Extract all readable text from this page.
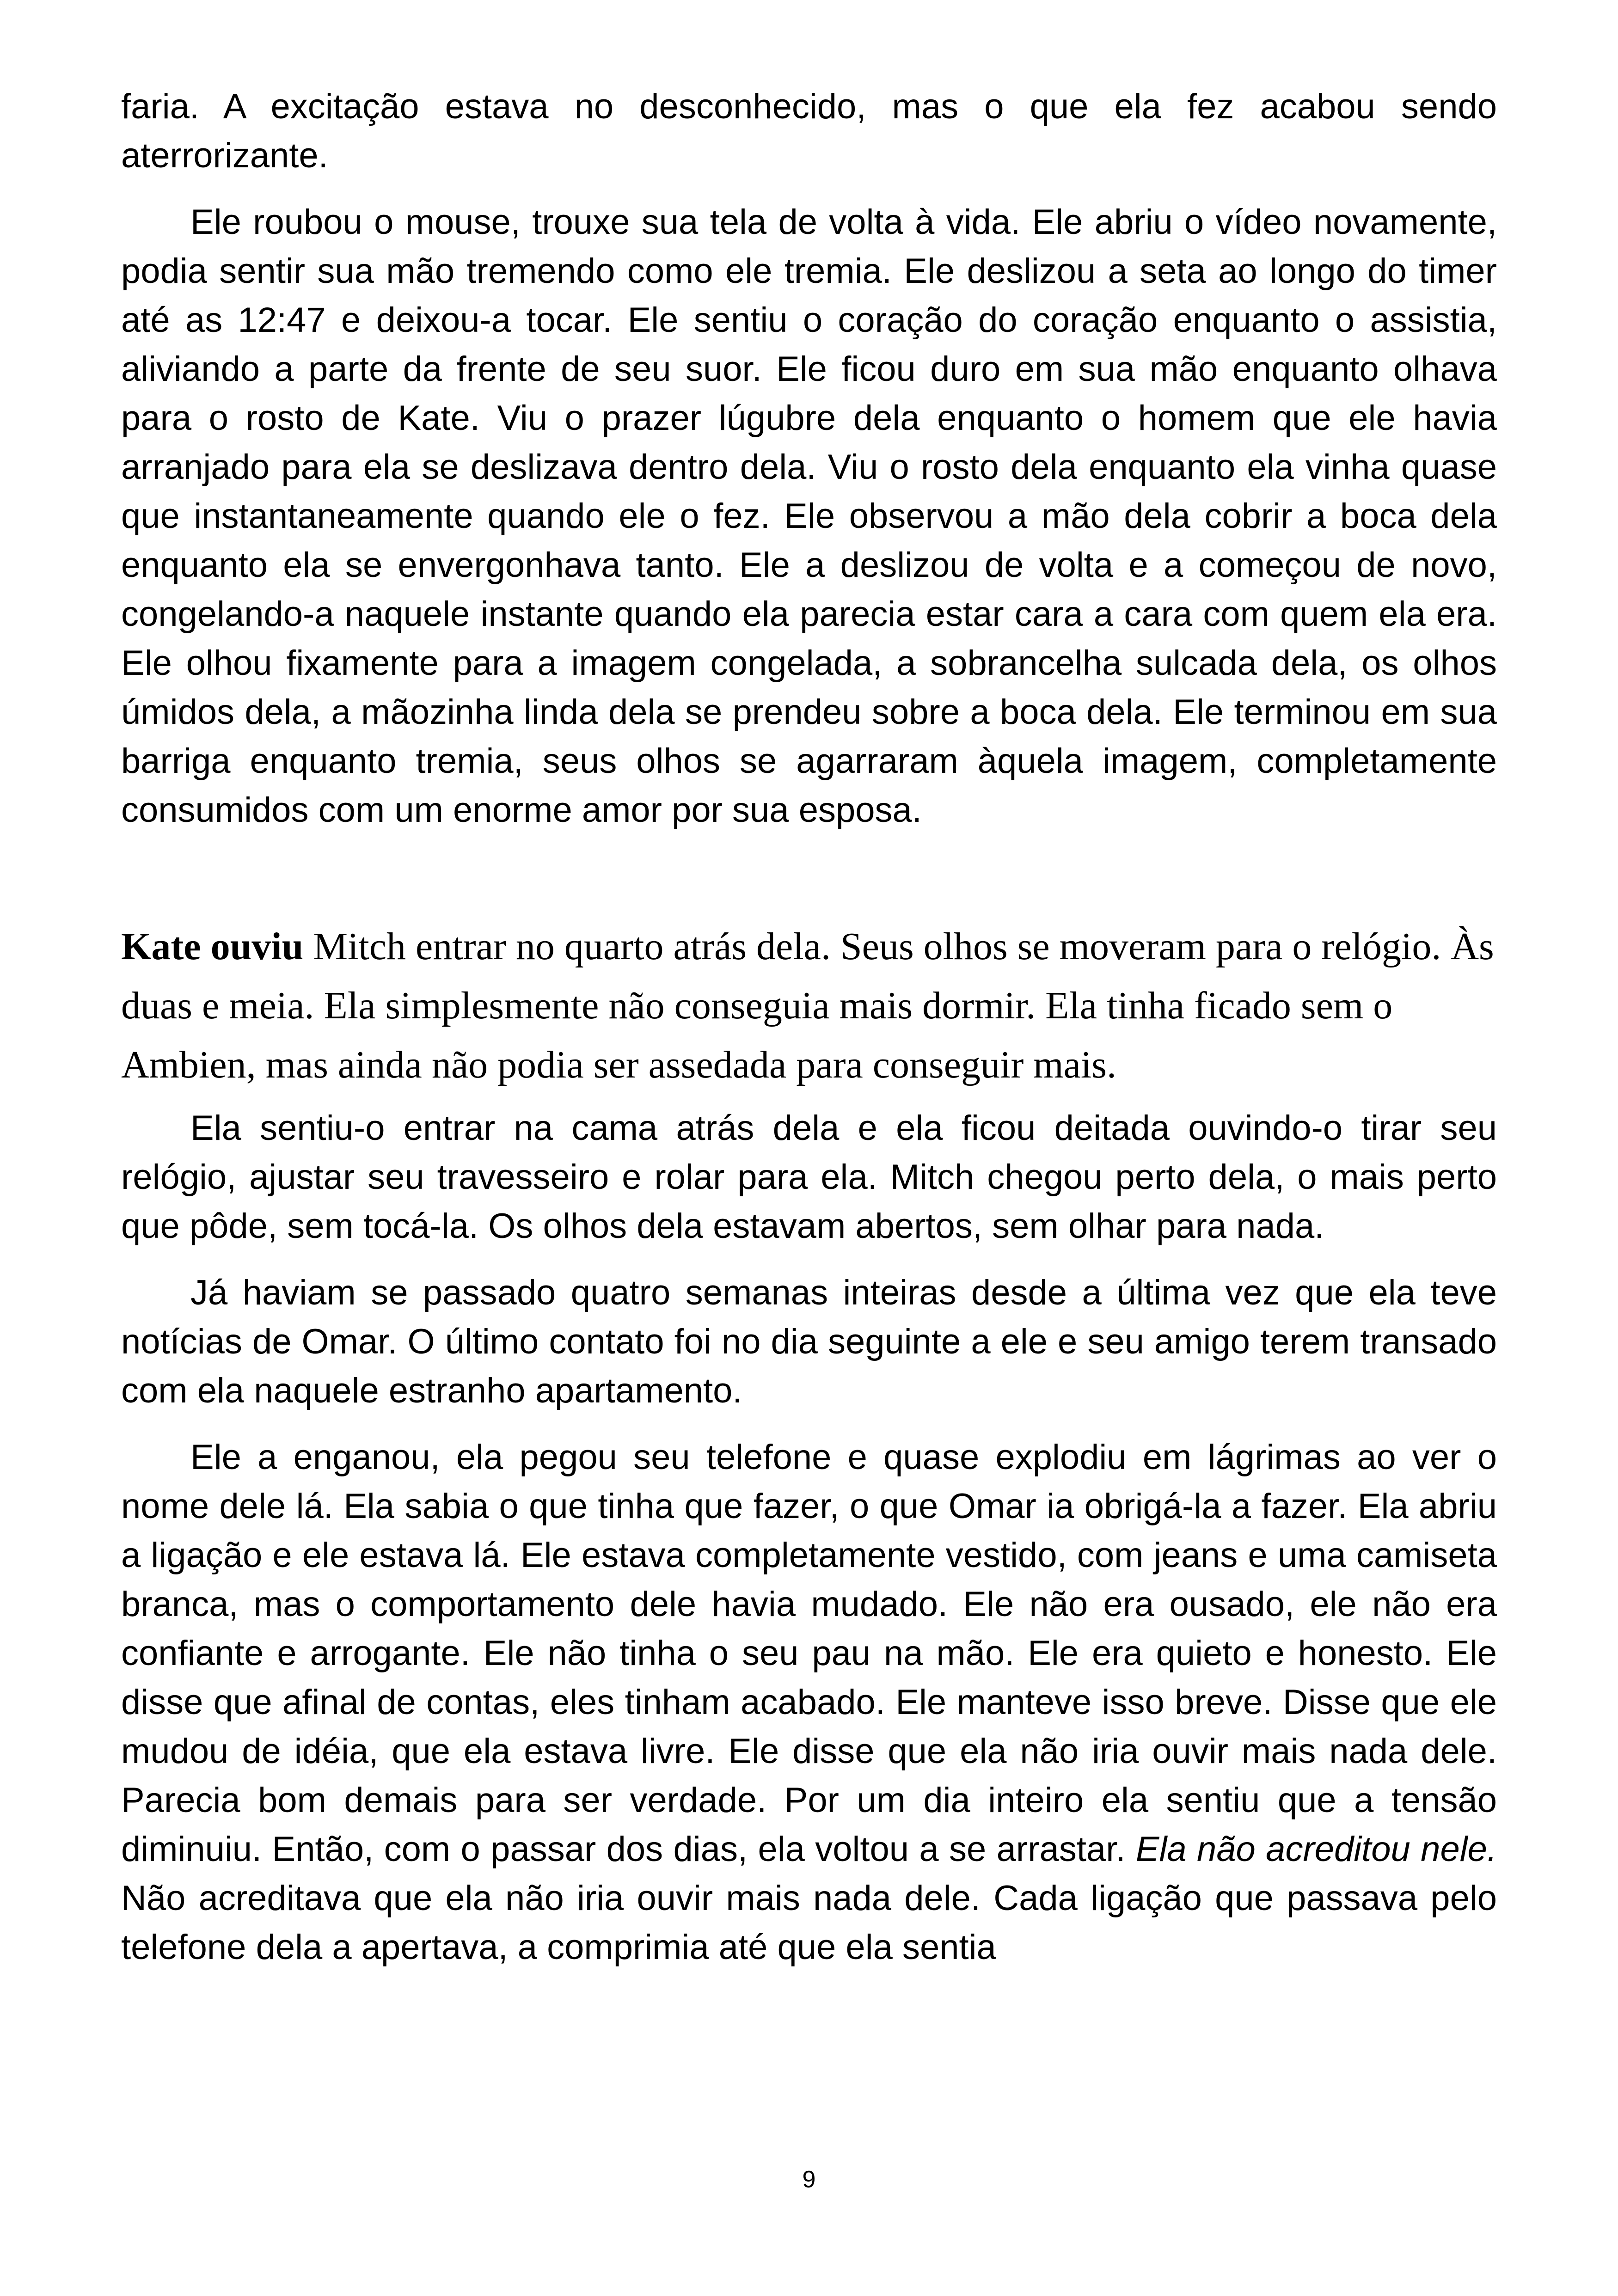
faria. A excitação estava no desconhecido, mas o que ela fez acabou sendo aterrorizante.

Ele roubou o mouse, trouxe sua tela de volta à vida. Ele abriu o vídeo novamente, podia sentir sua mão tremendo como ele tremia. Ele deslizou a seta ao longo do timer até as 12:47 e deixou-a tocar. Ele sentiu o coração do coração enquanto o assistia, aliviando a parte da frente de seu suor. Ele ficou duro em sua mão enquanto olhava para o rosto de Kate. Viu o prazer lúgubre dela enquanto o homem que ele havia arranjado para ela se deslizava dentro dela. Viu o rosto dela enquanto ela vinha quase que instantaneamente quando ele o fez. Ele observou a mão dela cobrir a boca dela enquanto ela se envergonhava tanto. Ele a deslizou de volta e a começou de novo, congelando-a naquele instante quando ela parecia estar cara a cara com quem ela era. Ele olhou fixamente para a imagem congelada, a sobrancelha sulcada dela, os olhos úmidos dela, a mãozinha linda dela se prendeu sobre a boca dela. Ele terminou em sua barriga enquanto tremia, seus olhos se agarraram àquela imagem, completamente consumidos com um enorme amor por sua esposa.

Kate ouviu Mitch entrar no quarto atrás dela. Seus olhos se moveram para o relógio. Às duas e meia. Ela simplesmente não conseguia mais dormir. Ela tinha ficado sem o Ambien, mas ainda não podia ser assedada para conseguir mais.

Ela sentiu-o entrar na cama atrás dela e ela ficou deitada ouvindo-o tirar seu relógio, ajustar seu travesseiro e rolar para ela. Mitch chegou perto dela, o mais perto que pôde, sem tocá-la. Os olhos dela estavam abertos, sem olhar para nada.

Já haviam se passado quatro semanas inteiras desde a última vez que ela teve notícias de Omar. O último contato foi no dia seguinte a ele e seu amigo terem transado com ela naquele estranho apartamento.

Ele a enganou, ela pegou seu telefone e quase explodiu em lágrimas ao ver o nome dele lá. Ela sabia o que tinha que fazer, o que Omar ia obrigá-la a fazer. Ela abriu a ligação e ele estava lá. Ele estava completamente vestido, com jeans e uma camiseta branca, mas o comportamento dele havia mudado. Ele não era ousado, ele não era confiante e arrogante. Ele não tinha o seu pau na mão. Ele era quieto e honesto. Ele disse que afinal de contas, eles tinham acabado. Ele manteve isso breve. Disse que ele mudou de idéia, que ela estava livre. Ele disse que ela não iria ouvir mais nada dele. Parecia bom demais para ser verdade. Por um dia inteiro ela sentiu que a tensão diminuiu. Então, com o passar dos dias, ela voltou a se arrastar. Ela não acreditou nele. Não acreditava que ela não iria ouvir mais nada dele. Cada ligação que passava pelo telefone dela a apertava, a comprimia até que ela sentia

9
